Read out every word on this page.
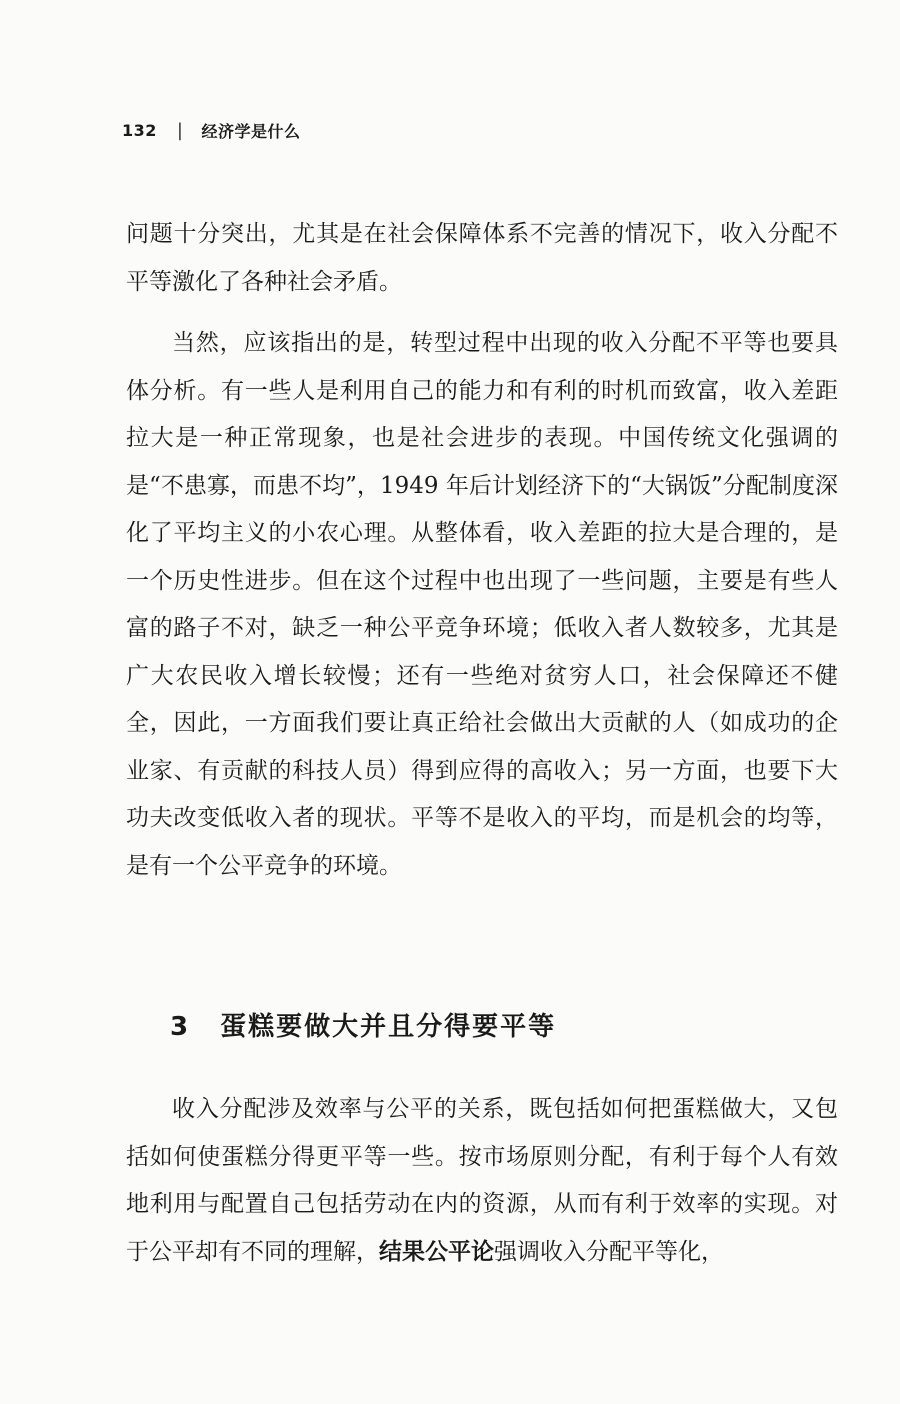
132 | 经济学是什么

问题十分突出，尤其是在社会保障体系不完善的情况下，收入分配不平等激化了各种社会矛盾。

当然，应该指出的是，转型过程中出现的收入分配不平等也要具体分析。有一些人是利用自己的能力和有利的时机而致富，收入差距拉大是一种正常现象，也是社会进步的表现。中国传统文化强调的是“不患寡，而患不均”，1949 年后计划经济下的“大锅饭”分配制度深化了平均主义的小农心理。从整体看，收入差距的拉大是合理的，是一个历史性进步。但在这个过程中也出现了一些问题，主要是有些人富的路子不对，缺乏一种公平竞争环境；低收入者人数较多，尤其是广大农民收入增长较慢；还有一些绝对贫穷人口，社会保障还不健全，因此，一方面我们要让真正给社会做出大贡献的人（如成功的企业家、有贡献的科技人员）得到应得的高收入；另一方面，也要下大功夫改变低收入者的现状。平等不是收入的平均，而是机会的均等，是有一个公平竞争的环境。

3 蛋糕要做大并且分得要平等

收入分配涉及效率与公平的关系，既包括如何把蛋糕做大，又包括如何使蛋糕分得更平等一些。按市场原则分配，有利于每个人有效地利用与配置自己包括劳动在内的资源，从而有利于效率的实现。对于公平却有不同的理解，结果公平论强调收入分配平等化，
